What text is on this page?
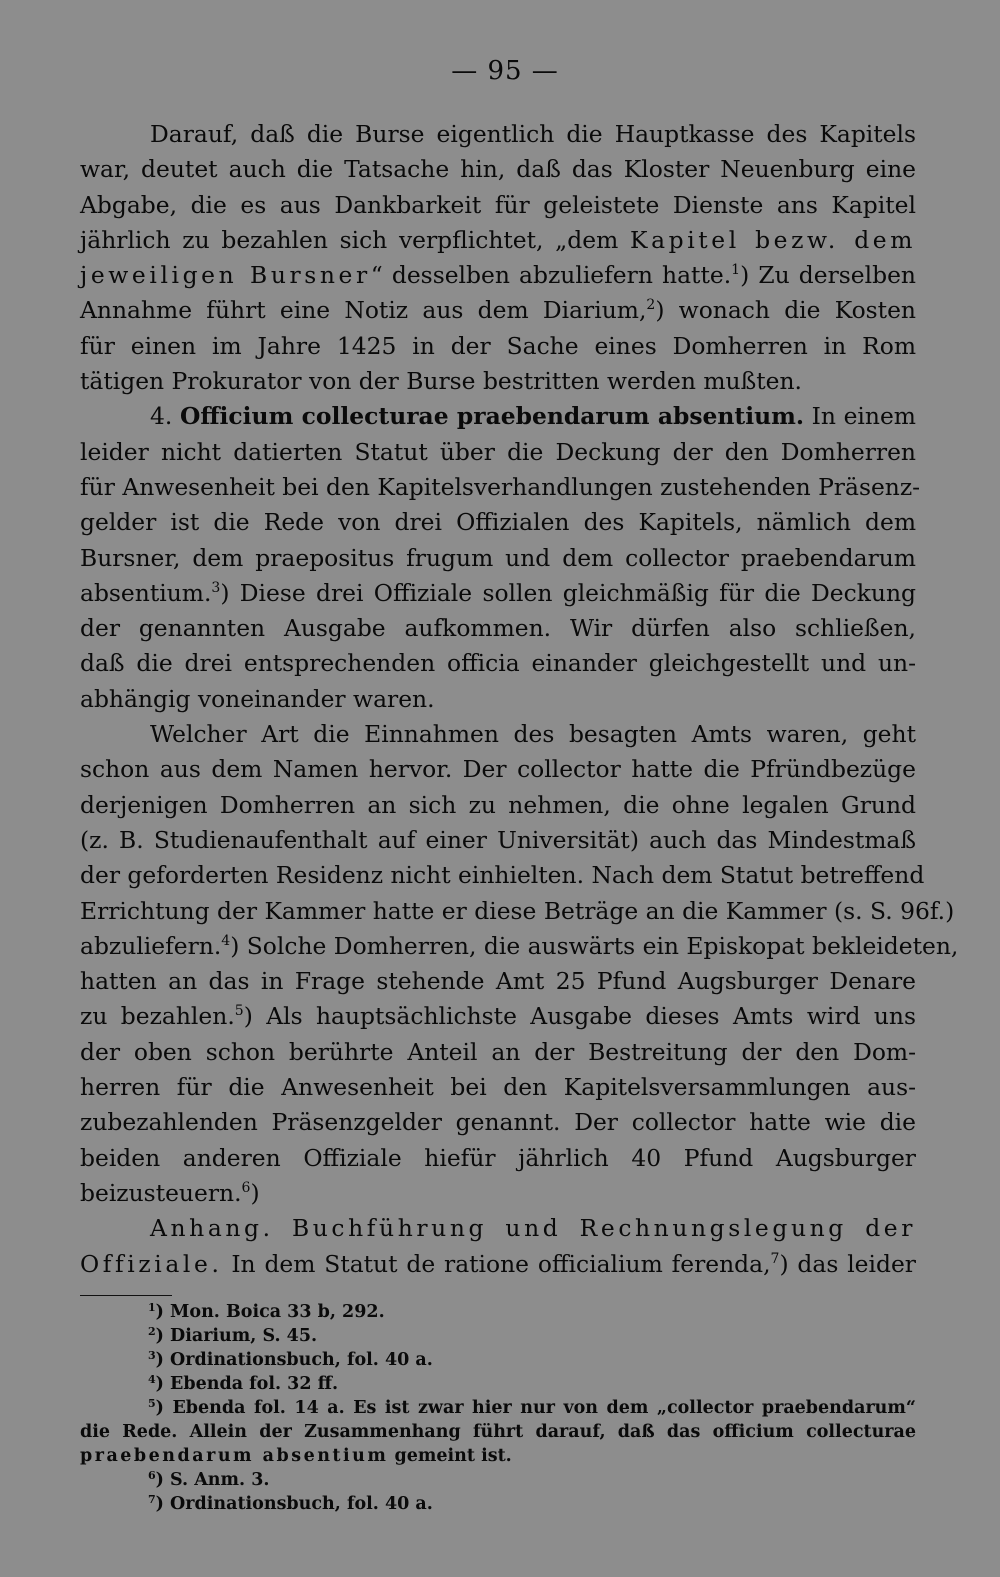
— 95 —

Darauf, daß die Burse eigentlich die Hauptkasse des Kapitels
war, deutet auch die Tatsache hin, daß das Kloster Neuenburg eine
Abgabe, die es aus Dankbarkeit für geleistete Dienste ans Kapitel
jährlich zu bezahlen sich verpflichtet, „dem Kapitel bezw. dem
jeweiligen Bursner“ desselben abzuliefern hatte.$^1$) Zu derselben
Annahme führt eine Notiz aus dem Diarium,$^2$) wonach die Kosten
für einen im Jahre 1425 in der Sache eines Domherren in Rom
tätigen Prokurator von der Burse bestritten werden mußten.

4. Officium collecturae praebendarum absentium. In einem
leider nicht datierten Statut über die Deckung der den Domherren
für Anwesenheit bei den Kapitelsverhandlungen zustehenden Präsenz-
gelder ist die Rede von drei Offizialen des Kapitels, nämlich dem
Bursner, dem praepositus frugum und dem collector praebendarum
absentium.$^3$) Diese drei Offiziale sollen gleichmäßig für die Deckung
der genannten Ausgabe aufkommen. Wir dürfen also schließen,
daß die drei entsprechenden officia einander gleichgestellt und un-
abhängig voneinander waren.

Welcher Art die Einnahmen des besagten Amts waren, geht
schon aus dem Namen hervor. Der collector hatte die Pfründbezüge
derjenigen Domherren an sich zu nehmen, die ohne legalen Grund
(z. B. Studienaufenthalt auf einer Universität) auch das Mindestmaß
der geforderten Residenz nicht einhielten. Nach dem Statut betreffend
Errichtung der Kammer hatte er diese Beträge an die Kammer (s. S. 96f.)
abzuliefern.$^4$) Solche Domherren, die auswärts ein Episkopat bekleideten,
hatten an das in Frage stehende Amt 25 Pfund Augsburger Denare
zu bezahlen.$^5$) Als hauptsächlichste Ausgabe dieses Amts wird uns
der oben schon berührte Anteil an der Bestreitung der den Dom-
herren für die Anwesenheit bei den Kapitelsversammlungen aus-
zubezahlenden Präsenzgelder genannt. Der collector hatte wie die
beiden anderen Offiziale hiefür jährlich 40 Pfund Augsburger
beizusteuern.$^6$)

Anhang. Buchführung und Rechnungslegung der
Offiziale. In dem Statut de ratione officialium ferenda,$^7$) das leider

$^1$) Mon. Boica 33 b, 292.
$^2$) Diarium, S. 45.
$^3$) Ordinationsbuch, fol. 40 a.
$^4$) Ebenda fol. 32 ff.
$^5$) Ebenda fol. 14 a. Es ist zwar hier nur von dem „collector praebendarum“
die Rede. Allein der Zusammenhang führt darauf, daß das officium collecturae
praebendarum absentium gemeint ist.
$^6$) S. Anm. 3.
$^7$) Ordinationsbuch, fol. 40 a.
